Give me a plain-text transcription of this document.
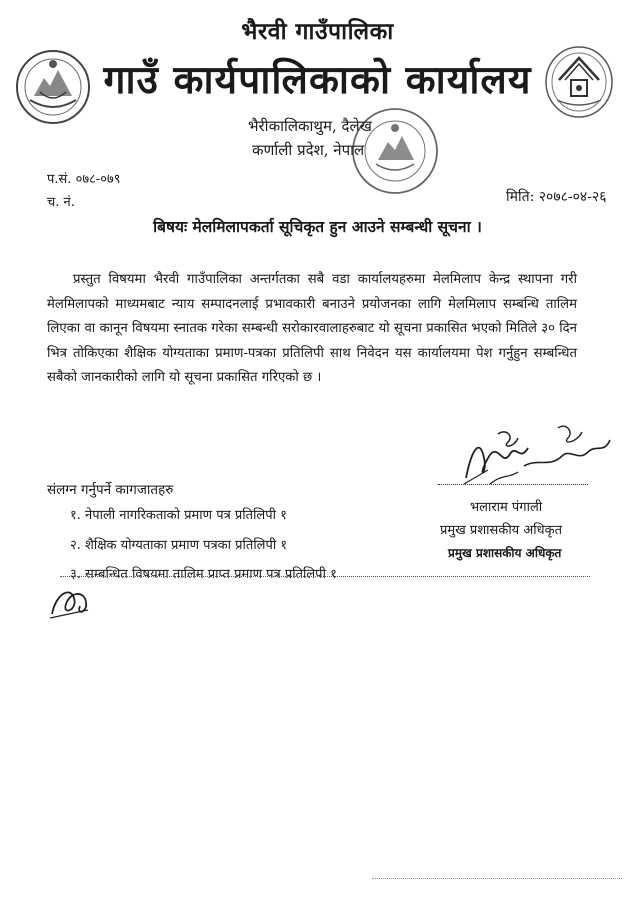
भैरवी गाउँपालिका
गाउँ कार्यपालिकाको कार्यालय
भैरीकालिकाथुम, दैलेख
कर्णाली प्रदेश, नेपाल
प.सं. ०७८-०७९
च. नं.	मिति: २०७८-०४-२६
बिषयः मेलमिलापकर्ता सूचिकृत हुन आउने सम्बन्धी सूचना ।
प्रस्तुत विषयमा भैरवी गाउँपालिका अन्तर्गतका सबै वडा कार्यालयहरुमा मेलमिलाप केन्द्र स्थापना गरी मेलमिलापको माध्यमबाट न्याय सम्पादनलाई प्रभावकारी बनाउने प्रयोजनका लागि मेलमिलाप सम्बन्धि तालिम लिएका वा कानून विषयमा स्नातक गरेका सम्बन्धी सरोकारवालाहरुबाट यो सूचना प्रकासित भएको मितिले ३० दिन भित्र तोकिएका शैक्षिक योग्यताका प्रमाण-पत्रका प्रतिलिपी साथ निवेदन यस कार्यालयमा पेश गर्नुहुन सम्बन्धित सबैको जानकारीको लागि यो सूचना प्रकासित गरिएको छ ।
भलाराम पंगाली
प्रमुख प्रशासकीय अधिकृत
प्रमुख प्रशासकीय अधिकृत
संलग्न गर्नुपर्ने कागजातहरु
१. नेपाली नागरिकताको प्रमाण पत्र प्रतिलिपी १
२. शैक्षिक योग्यताका प्रमाण पत्रका प्रतिलिपी १
३. सम्बन्धित विषयमा तालिम प्राप्त प्रमाण पत्र प्रतिलिपी १
